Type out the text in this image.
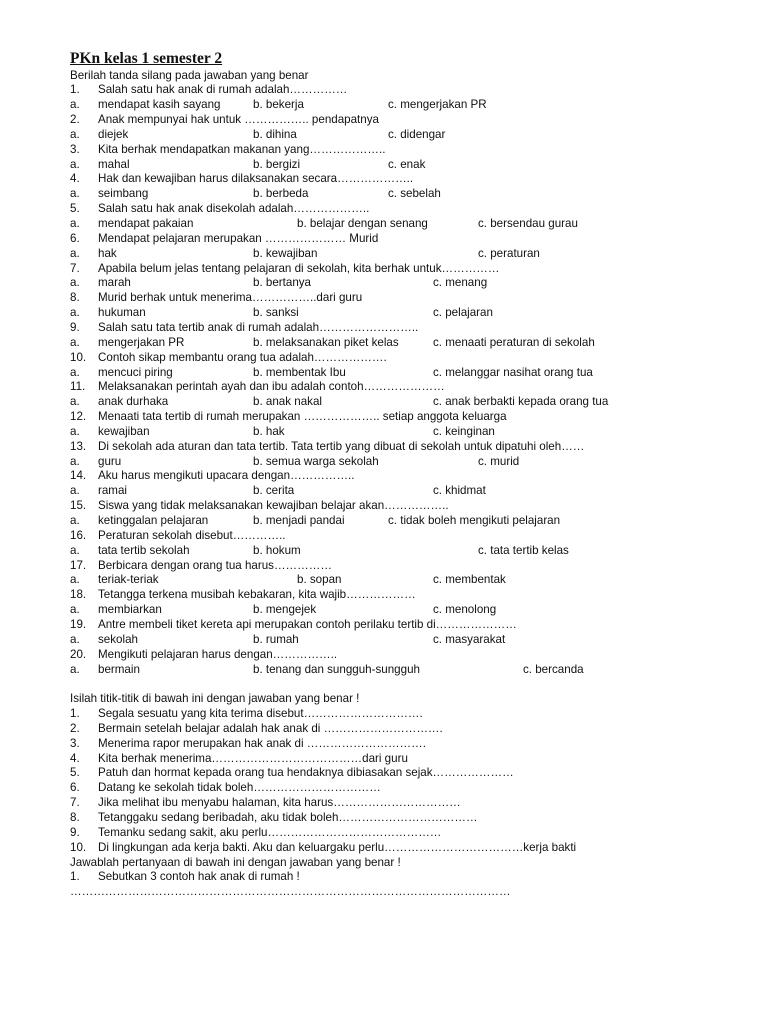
PKn kelas 1 semester 2
Berilah tanda silang pada jawaban yang benar
1. Salah satu hak anak di rumah adalah……………
a. mendapat kasih sayang	b. bekerja	c. mengerjakan PR
2. Anak mempunyai hak untuk …………….. pendapatnya
a. diejek	b. dihina	c. didengar
3. Kita berhak mendapatkan makanan yang………………..
a. mahal	b. bergizi	c. enak
4. Hak dan kewajiban harus dilaksanakan secara………………..
a. seimbang	b. berbeda	c. sebelah
5. Salah satu hak anak disekolah adalah………………..
a. mendapat pakaian	b. belajar dengan senang	c. bersendau gurau
6. Mendapat pelajaran merupakan ………………… Murid
a. hak	b. kewajiban	c. peraturan
7. Apabila belum jelas tentang pelajaran di sekolah, kita berhak untuk……………
a. marah	b. bertanya	c. menang
8. Murid berhak untuk menerima……………..dari guru
a. hukuman	b. sanksi	c. pelajaran
9. Salah satu tata tertib anak di rumah adalah……………………..
a. mengerjakan PR	b. melaksanakan piket kelas	c. menaati peraturan di sekolah
10. Contoh sikap membantu orang tua adalah……………….
a. mencuci piring	b. membentak Ibu	c. melanggar nasihat orang tua
11. Melaksanakan perintah ayah dan ibu adalah contoh…………………
a. anak durhaka	b. anak nakal	c. anak berbakti kepada orang tua
12. Menaati tata tertib di rumah merupakan ……………….. setiap anggota keluarga
a. kewajiban	b. hak	c. keinginan
13. Di sekolah ada aturan dan tata tertib. Tata tertib yang dibuat di sekolah untuk dipatuhi oleh……
a. guru	b. semua warga sekolah	c. murid
14. Aku harus mengikuti upacara dengan……………..
a. ramai	b. cerita	c. khidmat
15. Siswa yang tidak melaksanakan kewajiban belajar akan……………..
a. ketinggalan pelajaran	b. menjadi pandai	c. tidak boleh mengikuti pelajaran
16. Peraturan sekolah disebut…………..
a. tata tertib sekolah	b. hokum	c. tata tertib kelas
17. Berbicara dengan orang tua harus……………
a. teriak-teriak	b. sopan	c. membentak
18. Tetangga terkena musibah kebakaran, kita wajib………………
a. membiarkan	b. mengejek	c. menolong
19. Antre membeli tiket kereta api merupakan contoh perilaku tertib di…………………
a. sekolah	b. rumah	c. masyarakat
20. Mengikuti pelajaran harus dengan……………..
a. bermain	b. tenang dan sungguh-sungguh	c. bercanda
Isilah titik-titik di bawah ini dengan jawaban yang benar !
1. Segala sesuatu yang kita terima disebut………………………….
2. Bermain setelah belajar adalah hak anak di ………………………….
3. Menerima rapor merupakan hak anak di ………………………….
4. Kita berhak menerima…………………………………dari guru
5. Patuh dan hormat kepada orang tua hendaknya dibiasakan sejak…………………
6. Datang ke sekolah tidak boleh……………………………
7. Jika melihat ibu menyabu halaman, kita harus……………………………
8. Tetanggaku sedang beribadah, aku tidak boleh………………………………
9. Temanku sedang sakit, aku perlu………………………………………
10. Di lingkungan ada kerja bakti. Aku dan keluargaku perlu………………………………kerja bakti
Jawablah pertanyaan di bawah ini dengan jawaban yang benar !
1. Sebutkan 3 contoh hak anak di rumah !
……………………………………………………………………………………………………
